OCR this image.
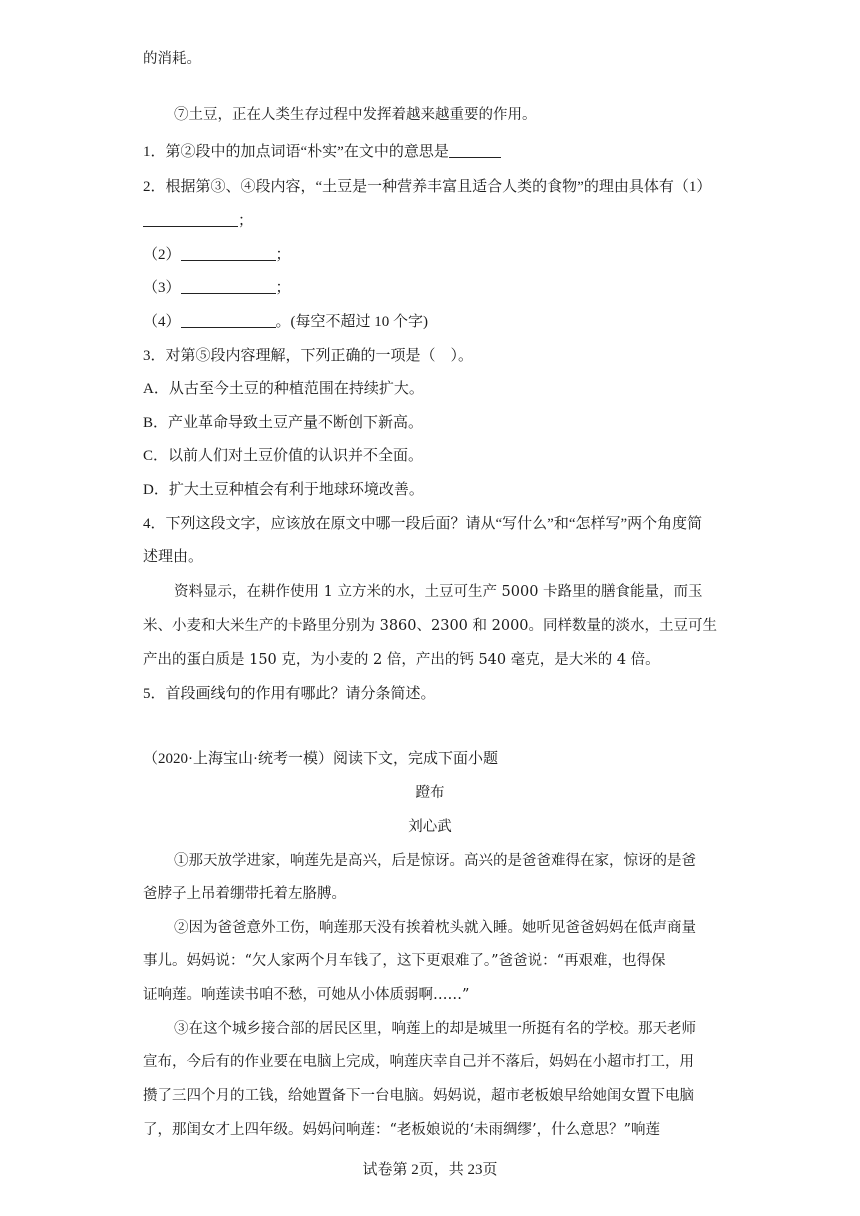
的消耗。
⑦土豆，正在人类生存过程中发挥着越来越重要的作用。
1．第②段中的加点词语“朴实”在文中的意思是
2．根据第③、④段内容，“土豆是一种营养丰富且适合人类的食物”的理由具体有（1）
；
（2）	；
（3）	；
（4）	。(每空不超过 10 个字)
3．对第⑤段内容理解，下列正确的一项是（　）。
A．从古至今土豆的种植范围在持续扩大。
B．产业革命导致土豆产量不断创下新高。
C．以前人们对土豆价值的认识并不全面。
D．扩大土豆种植会有利于地球环境改善。
4．下列这段文字，应该放在原文中哪一段后面？请从“写什么”和“怎样写”两个角度简
述理由。
资料显示，在耕作使用 1 立方米的水，土豆可生产 5000 卡路里的膳食能量，而玉
米、小麦和大米生产的卡路里分别为 3860、2300 和 2000。同样数量的淡水，土豆可生
产出的蛋白质是 150 克，为小麦的 2 倍，产出的钙 540 毫克，是大米的 4 倍。
5．首段画线句的作用有哪此？请分条简述。
（2020·上海宝山·统考一模）阅读下文，完成下面小题
蹬布
刘心武
①那天放学进家，响莲先是高兴，后是惊讶。高兴的是爸爸难得在家，惊讶的是爸
爸脖子上吊着绷带托着左胳膊。
②因为爸爸意外工伤，响莲那天没有挨着枕头就入睡。她听见爸爸妈妈在低声商量
事儿。妈妈说：“欠人家两个月车钱了，这下更艰难了。”爸爸说：“再艰难，也得保
证响莲。响莲读书咱不愁，可她从小体质弱啊……”
③在这个城乡接合部的居民区里，响莲上的却是城里一所挺有名的学校。那天老师
宣布，今后有的作业要在电脑上完成，响莲庆幸自己并不落后，妈妈在小超市打工，用
攒了三四个月的工钱，给她置备下一台电脑。妈妈说，超市老板娘早给她闺女置下电脑
了，那闺女才上四年级。妈妈问响莲：“老板娘说的‘未雨绸缪’，什么意思？”响莲
试卷第 2页，共 23页
